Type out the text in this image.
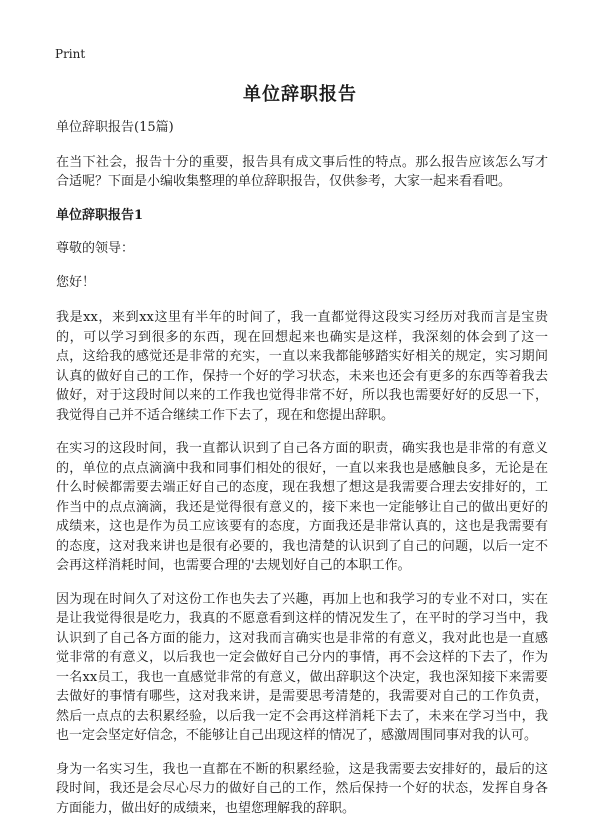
Print
单位辞职报告

单位辞职报告(15篇)

在当下社会，报告十分的重要，报告具有成文事后性的特点。那么报告应该怎么写才合适呢？下面是小编收集整理的单位辞职报告，仅供参考，大家一起来看看吧。

单位辞职报告1

尊敬的领导：

您好！

我是xx，来到xx这里有半年的时间了，我一直都觉得这段实习经历对我而言是宝贵的，可以学习到很多的东西，现在回想起来也确实是这样，我深刻的体会到了这一点，这给我的感觉还是非常的充实，一直以来我都能够踏实好相关的规定，实习期间认真的做好自己的工作，保持一个好的学习状态，未来也还会有更多的东西等着我去做好，对于这段时间以来的工作我也觉得非常不好，所以我也需要好好的反思一下，我觉得自己并不适合继续工作下去了，现在和您提出辞职。

在实习的这段时间，我一直都认识到了自己各方面的职责，确实我也是非常的有意义的，单位的点点滴滴中我和同事们相处的很好，一直以来我也是感触良多，无论是在什么时候都需要去端正好自己的态度，现在我想了想这是我需要合理去安排好的，工作当中的点点滴滴，我还是觉得很有意义的，接下来也一定能够让自己的做出更好的成绩来，这也是作为员工应该要有的态度，方面我还是非常认真的，这也是我需要有的态度，这对我来讲也是很有必要的，我也清楚的认识到了自己的问题，以后一定不会再这样消耗时间，也需要合理的'去规划好自己的本职工作。

因为现在时间久了对这份工作也失去了兴趣，再加上也和我学习的专业不对口，实在是让我觉得很是吃力，我真的不愿意看到这样的情况发生了，在平时的学习当中，我认识到了自己各方面的能力，这对我而言确实也是非常的有意义，我对此也是一直感觉非常的有意义，以后我也一定会做好自己分内的事情，再不会这样的下去了，作为一名xx员工，我也一直感觉非常的有意义，做出辞职这个决定，我也深知接下来需要去做好的事情有哪些，这对我来讲，是需要思考清楚的，我需要对自己的工作负责，然后一点点的去积累经验，以后我一定不会再这样消耗下去了，未来在学习当中，我也一定会坚定好信念，不能够让自己出现这样的情况了，感激周围同事对我的认可。

身为一名实习生，我也一直都在不断的积累经验，这是我需要去安排好的，最后的这段时间，我还是会尽心尽力的做好自己的工作，然后保持一个好的状态，发挥自身各方面能力，做出好的成绩来，也望您理解我的辞职。
